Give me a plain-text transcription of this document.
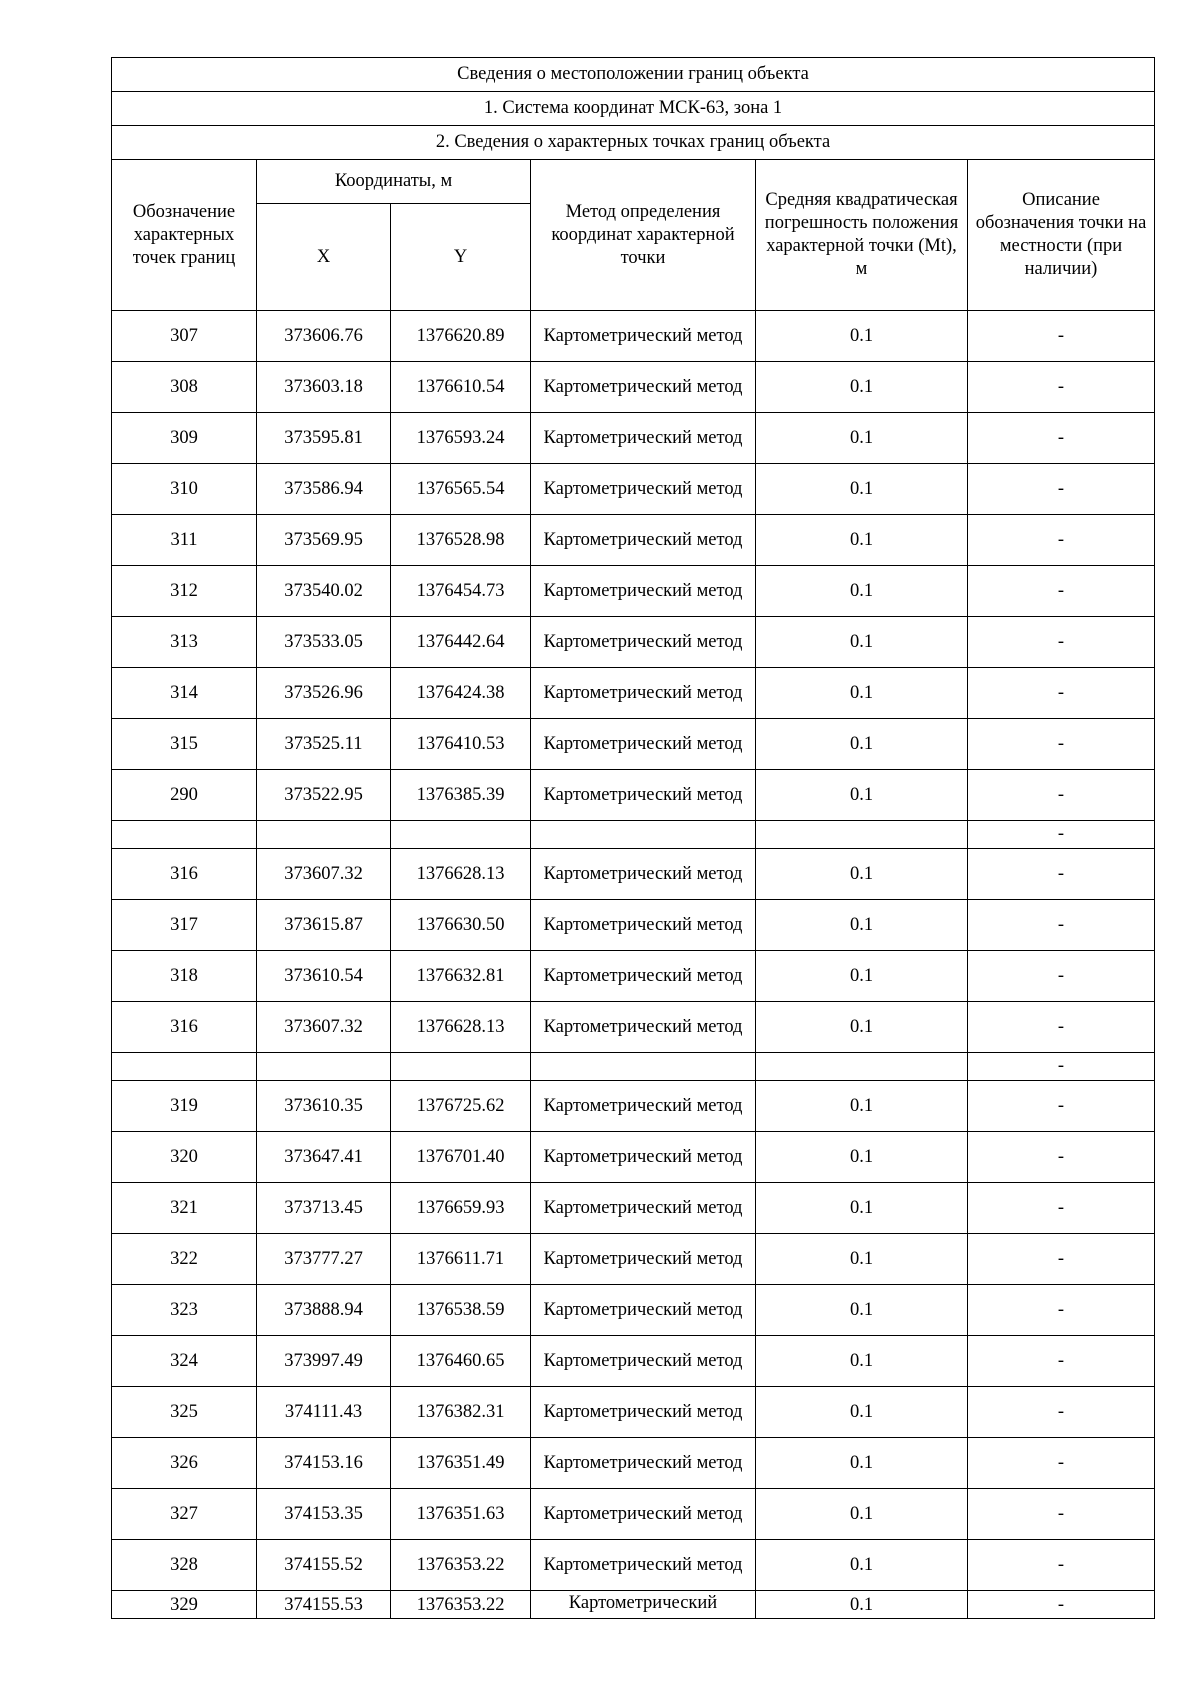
Сведения о местоположении границ объекта					
1. Система координат МСК-63, зона 1					
2. Сведения о характерных точках границ объекта					
Обозначение характерных точек границ	Координаты, м		Метод определения координат характерной точки	Средняя квадратическая погрешность положения характерной точки (Mt), м	Описание обозначения точки на местности (при наличии)
	X	Y			
307	373606.76	1376620.89	Картометрический метод	0.1	-
308	373603.18	1376610.54	Картометрический метод	0.1	-
309	373595.81	1376593.24	Картометрический метод	0.1	-
310	373586.94	1376565.54	Картометрический метод	0.1	-
311	373569.95	1376528.98	Картометрический метод	0.1	-
312	373540.02	1376454.73	Картометрический метод	0.1	-
313	373533.05	1376442.64	Картометрический метод	0.1	-
314	373526.96	1376424.38	Картометрический метод	0.1	-
315	373525.11	1376410.53	Картометрический метод	0.1	-
290	373522.95	1376385.39	Картометрический метод	0.1	-
					-
316	373607.32	1376628.13	Картометрический метод	0.1	-
317	373615.87	1376630.50	Картометрический метод	0.1	-
318	373610.54	1376632.81	Картометрический метод	0.1	-
316	373607.32	1376628.13	Картометрический метод	0.1	-
					-
319	373610.35	1376725.62	Картометрический метод	0.1	-
320	373647.41	1376701.40	Картометрический метод	0.1	-
321	373713.45	1376659.93	Картометрический метод	0.1	-
322	373777.27	1376611.71	Картометрический метод	0.1	-
323	373888.94	1376538.59	Картометрический метод	0.1	-
324	373997.49	1376460.65	Картометрический метод	0.1	-
325	374111.43	1376382.31	Картометрический метод	0.1	-
326	374153.16	1376351.49	Картометрический метод	0.1	-
327	374153.35	1376351.63	Картометрический метод	0.1	-
328	374155.52	1376353.22	Картометрический метод	0.1	-
329	374155.53	1376353.22	Картометрический	0.1	-
